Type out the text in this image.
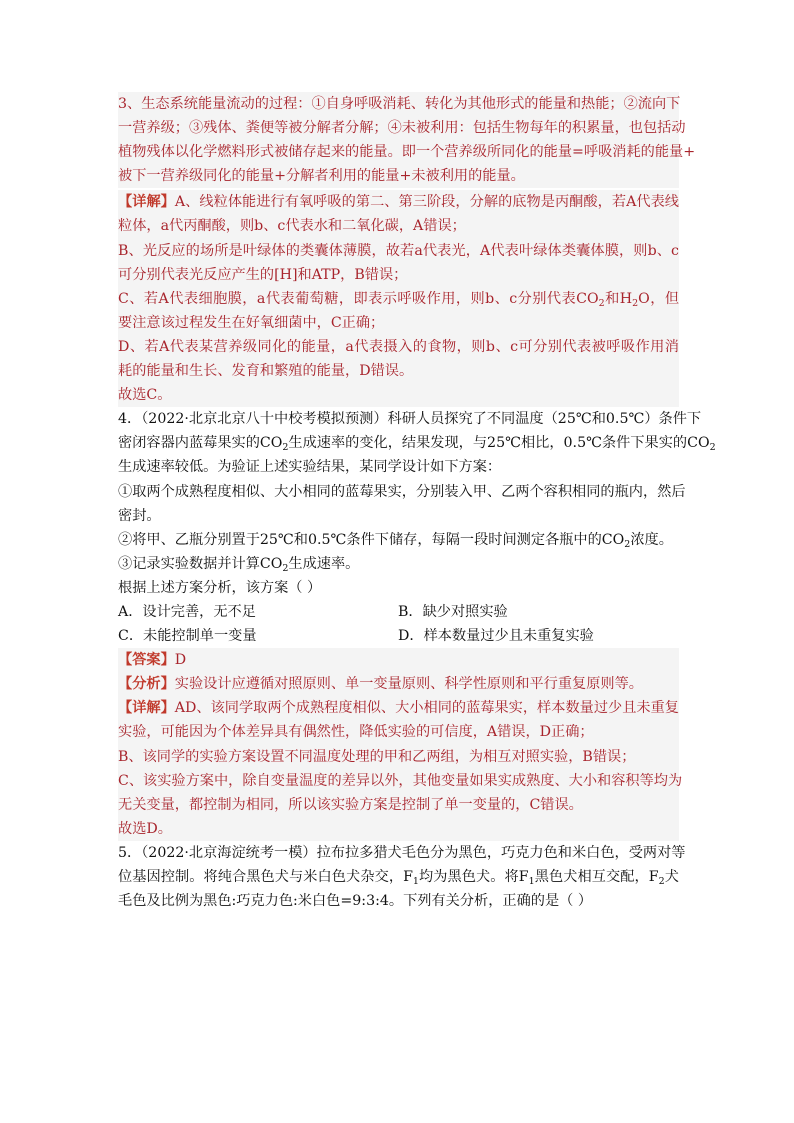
3、生态系统能量流动的过程：①自身呼吸消耗、转化为其他形式的能量和热能；②流向下
一营养级；③残体、粪便等被分解者分解；④未被利用：包括生物每年的积累量，也包括动
植物残体以化学燃料形式被储存起来的能量。即一个营养级所同化的能量=呼吸消耗的能量+
被下一营养级同化的能量+分解者利用的能量+未被利用的能量。
【详解】A、线粒体能进行有氧呼吸的第二、第三阶段，分解的底物是丙酮酸，若A代表线
粒体，a代丙酮酸，则b、c代表水和二氧化碳，A错误；
B、光反应的场所是叶绿体的类囊体薄膜，故若a代表光，A代表叶绿体类囊体膜，则b、c
可分别代表光反应产生的[H]和ATP，B错误；
C、若A代表细胞膜，a代表葡萄糖，即表示呼吸作用，则b、c分别代表$CO_2$和$H_2O$，但
要注意该过程发生在好氧细菌中，C正确；
D、若A代表某营养级同化的能量，a代表摄入的食物，则b、c可分别代表被呼吸作用消
耗的能量和生长、发育和繁殖的能量，D错误。
故选C。
4．（2022·北京北京八十中校考模拟预测）科研人员探究了不同温度（25℃和0.5℃）条件下
密闭容器内蓝莓果实的$CO_2$生成速率的变化，结果发现，与25℃相比，0.5℃条件下果实的$CO_2$
生成速率较低。为验证上述实验结果，某同学设计如下方案：
①取两个成熟程度相似、大小相同的蓝莓果实，分别装入甲、乙两个容积相同的瓶内，然后
密封。
②将甲、乙瓶分别置于25℃和0.5℃条件下储存，每隔一段时间测定各瓶中的$CO_2$浓度。
③记录实验数据并计算$CO_2$生成速率。
根据上述方案分析，该方案（ ）
A．设计完善，无不足	B．缺少对照实验
C．未能控制单一变量	D．样本数量过少且未重复实验
【答案】D
【分析】实验设计应遵循对照原则、单一变量原则、科学性原则和平行重复原则等。
【详解】AD、该同学取两个成熟程度相似、大小相同的蓝莓果实，样本数量过少且未重复
实验，可能因为个体差异具有偶然性，降低实验的可信度，A错误，D正确；
B、该同学的实验方案设置不同温度处理的甲和乙两组，为相互对照实验，B错误；
C、该实验方案中，除自变量温度的差异以外，其他变量如果实成熟度、大小和容积等均为
无关变量，都控制为相同，所以该实验方案是控制了单一变量的，C错误。
故选D。
5．（2022·北京海淀统考一模）拉布拉多猎犬毛色分为黑色，巧克力色和米白色，受两对等
位基因控制。将纯合黑色犬与米白色犬杂交，$F_1$均为黑色犬。将$F_1$黑色犬相互交配，$F_2$犬
毛色及比例为黑色:巧克力色:米白色=9:3:4。下列有关分析，正确的是（ ）
